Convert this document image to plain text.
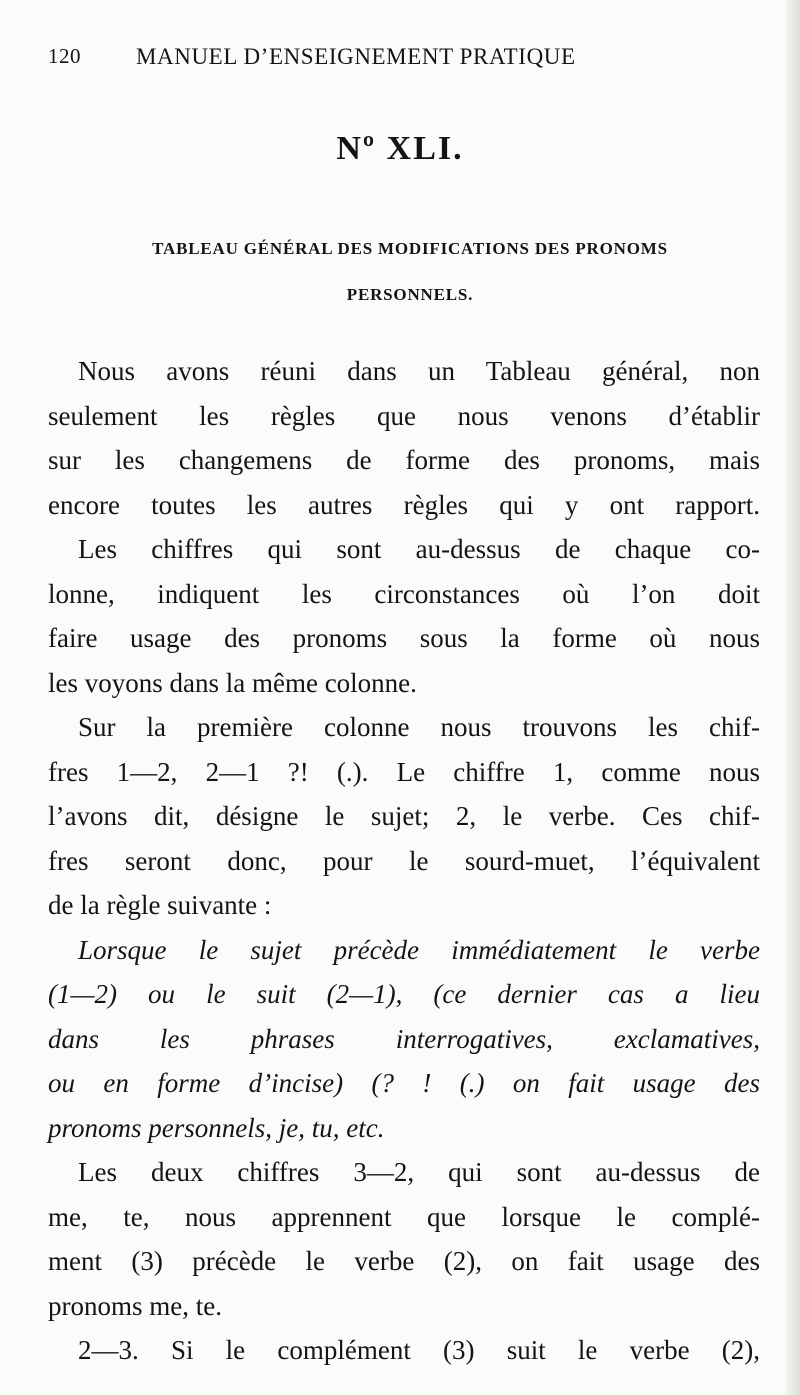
120 MANUEL D’ENSEIGNEMENT PRATIQUE
Nº XLI.
TABLEAU GÉNÉRAL DES MODIFICATIONS DES PRONOMS
PERSONNELS.
Nous avons réuni dans un Tableau général, non
seulement les règles que nous venons d’établir
sur les changemens de forme des pronoms, mais
encore toutes les autres règles qui y ont rapport.
Les chiffres qui sont au-dessus de chaque co-
lonne, indiquent les circonstances où l’on doit
faire usage des pronoms sous la forme où nous
les voyons dans la même colonne.
Sur la première colonne nous trouvons les chif-
fres 1—2, 2—1 ?! (.). Le chiffre 1, comme nous
l’avons dit, désigne le sujet; 2, le verbe. Ces chif-
fres seront donc, pour le sourd-muet, l’équivalent
de la règle suivante :
Lorsque le sujet précède immédiatement le verbe
(1—2) ou le suit (2—1), (ce dernier cas a lieu
dans les phrases interrogatives, exclamatives,
ou en forme d’incise) (? ! (.) on fait usage des
pronoms personnels, je, tu, etc.
Les deux chiffres 3—2, qui sont au-dessus de
me, te, nous apprennent que lorsque le complé-
ment (3) précède le verbe (2), on fait usage des
pronoms me, te.
2—3. Si le complément (3) suit le verbe (2),
